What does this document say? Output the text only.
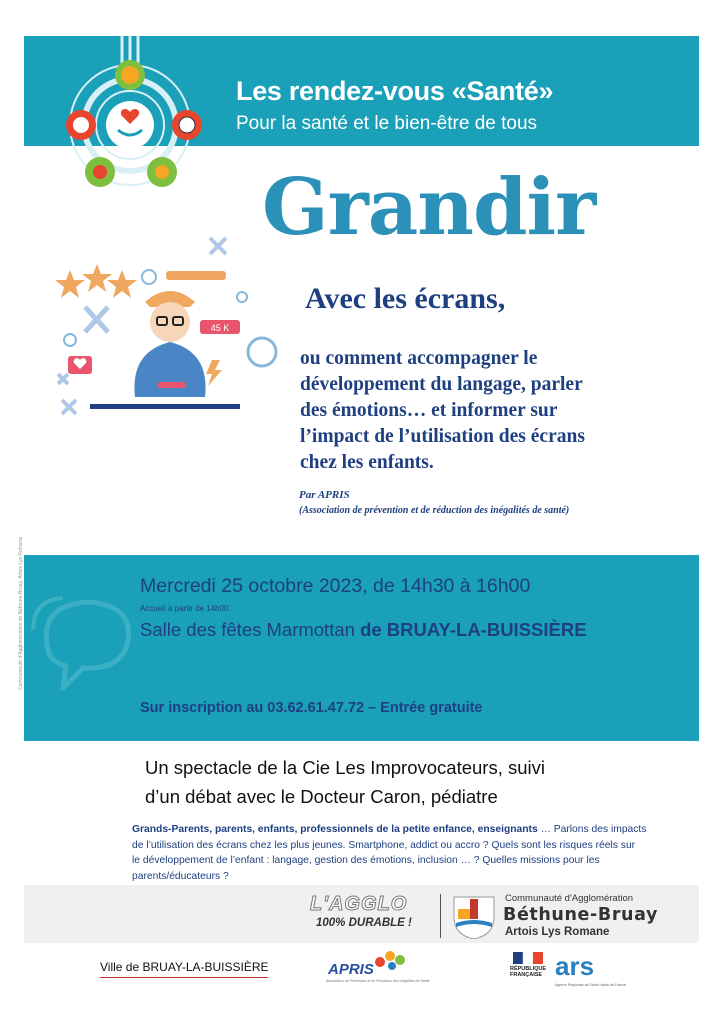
Les rendez-vous «Santé»
Pour la santé et le bien-être de tous
Grandir
45 K
Avec les écrans,
ou comment accompagner le
développement du langage, parler
des émotions… et informer sur
l’impact de l’utilisation des écrans
chez les enfants.
Par APRIS
(Association de prévention et de réduction des inégalités de santé)
Communauté d'Agglomération de Béthune-Bruay, Artois Lys Romane	Mercredi 25 octobre 2023, de 14h30 à 16h00
Accueil à partir de 14h00
Salle des fêtes Marmottan de BRUAY-LA-BUISSIÈRE
Sur inscription au 03.62.61.47.72 – Entrée gratuite
Un spectacle de la Cie Les Improvocateurs, suivi
d’un débat avec le Docteur Caron, pédiatre
Grands-Parents, parents, enfants, professionnels de la petite enfance, enseignants … Parlons des impacts
de l’utilisation des écrans chez les plus jeunes. Smartphone, addict ou accro ? Quels sont les risques réels sur
le développement de l’enfant : langage, gestion des émotions, inclusion … ? Quelles missions pour les
parents/éducateurs ?
L'AGGLO
100% DURABLE !
Communauté d'Agglomération
Béthune-Bruay
Artois Lys Romane
Ville de BRUAY-LA-BUISSIÈRE	APRIS
Association de Prévention et de Réduction des Inégalités de Santé
RÉPUBLIQUE FRANÇAISE ars
Agence Régionale de Santé Hauts-de-France
